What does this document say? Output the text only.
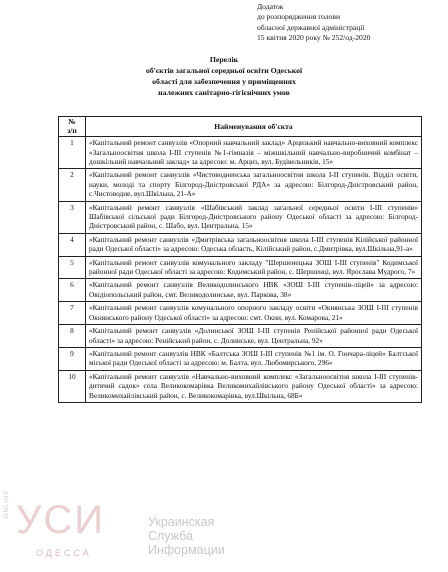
Додаток
до розпорядження голови
обласної державної адміністрації
15 квітня 2020 року № 252/од-2020
Перелік
об'єктів загальної середньої освіти Одеської
області для забезпечення у приміщеннях
належних санітарно-гігієнічних умов
№
з/п	Найменування об'єкта
1	«Капітальний ремонт санвузлів «Опорний навчальний заклад» Арцизький навчально-виховний комплекс «Загальноосвітня школа І-ІІІ ступенів №1-гімназія – міжшкільний навчально-виробничий комбінат – дошкільний навчальний заклад» за адресою: м. Арциз, вул. Будівельників, 15»
2	«Капітальний ремонт санвузлів «Чистоводненська загальноосвітня школа І-ІІ ступенів. Відділ освіти, науки, молоді та спорту Білгород-Дністровської РДА» за адресою: Білгород-Дністровський район, с.Чистоводне, вул.Шкільна, 21-А»
3	«Капітальний ремонт санвузлів «Шабівський заклад загальної середньої освіти І-ІІІ ступенів» Шабівської сільської ради Білгород-Дністровського району Одеської області за адресою: Білгород-Дністровський район, с. Шабо, вул. Центральна, 15»
4	«Капітальний ремонт санвузлів «Дмитрівська загальноосвітня школа І-ІІІ ступенів Кілійської районної ради Одеської області» за адресою: Одеська область, Кілійський район, с.Дмитрівка, вул.Шкільна,91-а»
5	«Капітальний ремонт санвузлів комунального закладу "Шершенецька ЗОШ І-ІІІ ступенів" Кодимської районної ради Одеської області за адресою: Кодимський район, с. Шершенці, вул. Ярослава Мудрого, 7»
6	«Капітальний ремонт санвузлів Великодолинського НВК «ЗОШ І-ІІІ ступенів-ліцей» за адресою: Овідіопольський район, смт. Великодолинське, вул. Паркова, 38»
7	«Капітальний ремонт санвузлів комунального опорного закладу освіти «Окнянська ЗОШ І-ІІІ ступенів Окнянського району Одеської області» за адресою: смт. Окни, вул. Комарова, 21»
8	«Капітальний ремонт санвузлів «Долинської ЗОШ І-ІІІ ступенів Ренійської районної ради Одеської області» за адресою: Ренійський район, с. Долинське, вул. Центральна, 92»
9	«Капітальний ремонт санвузлів НВК «Балтська ЗОШ І-ІІІ ступенів №1 ім. О. Гончара-ліцей» Балтської міської ради Одеської області за адресою: м. Балта, вул. Любомирського, 296»
10	«Капітальний ремонт санвузлів «Навчально-виховний комплекс «Загальноосвітня школа І-ІІІ ступенів-дитячий садок» села Великокомарівка Великомихайлівського району Одеської області» за адресою: Великомихайлівський район, с. Великокомарівка, вул.Шкільна, 68Б»
ONLINE УСИ
ОДЕССА
Украинская
Служба
Информации
